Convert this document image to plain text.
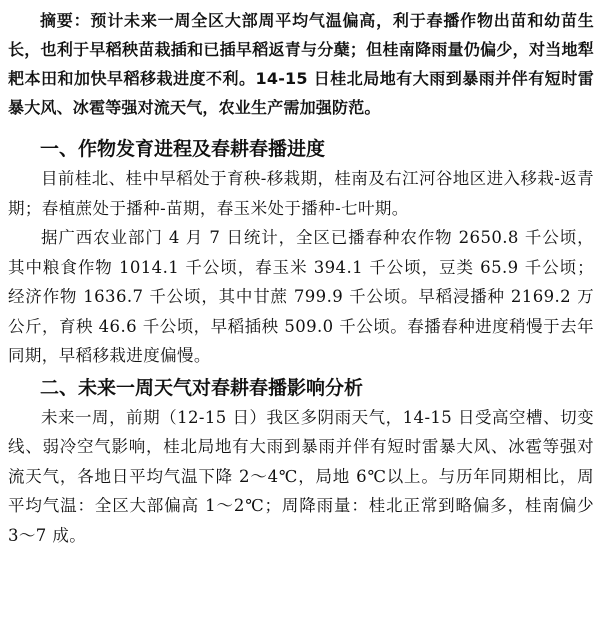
摘要：预计未来一周全区大部周平均气温偏高，利于春播作物出苗和幼苗生长，也利于早稻秧苗栽插和已插早稻返青与分蘖；但桂南降雨量仍偏少，对当地犁耙本田和加快早稻移栽进度不利。14-15 日桂北局地有大雨到暴雨并伴有短时雷暴大风、冰雹等强对流天气，农业生产需加强防范。

一、作物发育进程及春耕春播进度

目前桂北、桂中早稻处于育秧-移栽期，桂南及右江河谷地区进入移栽-返青期；春植蔗处于播种-苗期，春玉米处于播种-七叶期。

据广西农业部门 4 月 7 日统计，全区已播春种农作物 2650.8 千公顷，其中粮食作物 1014.1 千公顷，春玉米 394.1 千公顷，豆类 65.9 千公顷；经济作物 1636.7 千公顷，其中甘蔗 799.9 千公顷。早稻浸播种 2169.2 万公斤，育秧 46.6 千公顷，早稻插秧 509.0 千公顷。春播春种进度稍慢于去年同期，早稻移栽进度偏慢。

二、未来一周天气对春耕春播影响分析

未来一周，前期（12-15 日）我区多阴雨天气，14-15 日受高空槽、切变线、弱冷空气影响，桂北局地有大雨到暴雨并伴有短时雷暴大风、冰雹等强对流天气，各地日平均气温下降 2～4℃，局地 6℃以上。与历年同期相比，周平均气温：全区大部偏高 1～2℃；周降雨量：桂北正常到略偏多，桂南偏少 3～7 成。
